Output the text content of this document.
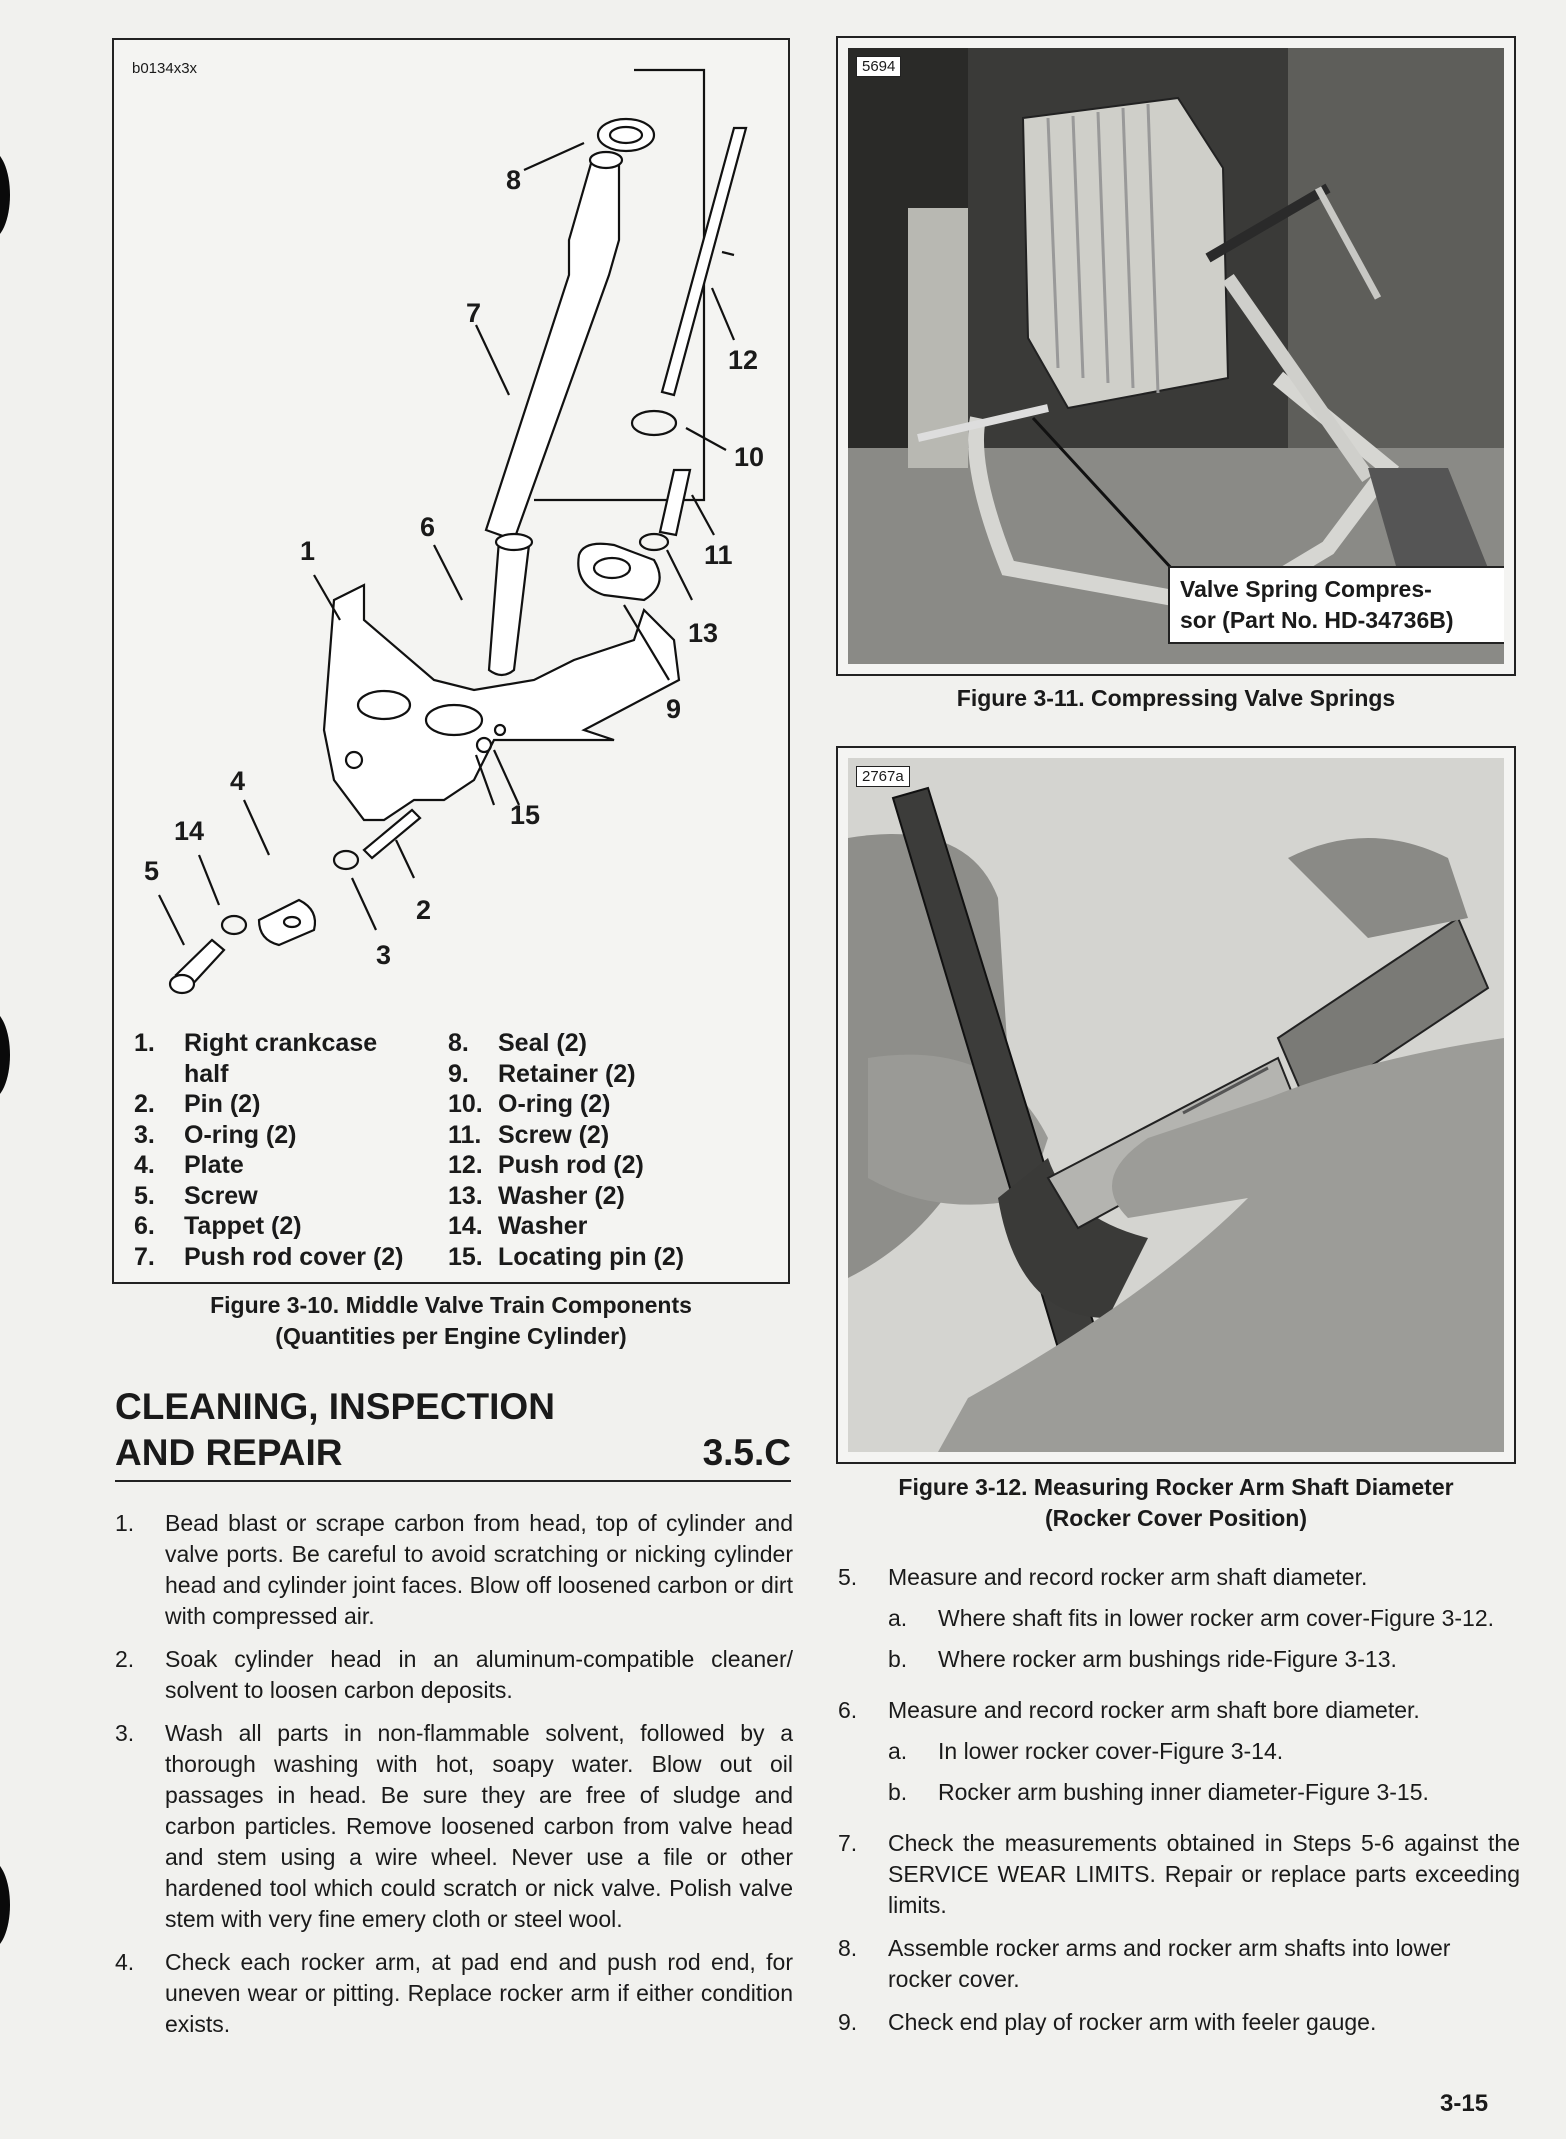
b0134x3x
8
7
12
10
11
13
9
6
1
15
4
14
5
2
3
1.	Right crankcase half
2.	Pin (2)
3.	O-ring (2)
4.	Plate
5.	Screw
6.	Tappet (2)
7.	Push rod cover (2)
8.	Seal (2)
9.	Retainer (2)
10. O-ring (2)
11. Screw (2)
12. Push rod (2)
13. Washer (2)
14. Washer
15. Locating pin (2)
Figure 3-10. Middle Valve Train Components
(Quantities per Engine Cylinder)
CLEANING, INSPECTION
AND REPAIR	3.5.C
1.	Bead blast or scrape carbon from head, top of cylinder and valve ports. Be careful to avoid scratching or nicking cylinder head and cylinder joint faces. Blow off loosened carbon or dirt with compressed air.
2.	Soak cylinder head in an aluminum-compatible cleaner/ solvent to loosen carbon deposits.
3.	Wash all parts in non-flammable solvent, followed by a thorough washing with hot, soapy water. Blow out oil passages in head. Be sure they are free of sludge and carbon particles. Remove loosened carbon from valve head and stem using a wire wheel. Never use a file or other hardened tool which could scratch or nick valve. Polish valve stem with very fine emery cloth or steel wool.
4.	Check each rocker arm, at pad end and push rod end, for uneven wear or pitting. Replace rocker arm if either condition exists.
5694
Valve Spring Compres-
sor (Part No. HD-34736B)
Figure 3-11. Compressing Valve Springs
2767a
Figure 3-12. Measuring Rocker Arm Shaft Diameter
(Rocker Cover Position)
5.	Measure and record rocker arm shaft diameter.
a.	Where shaft fits in lower rocker arm cover-Figure 3-12.
b.	Where rocker arm bushings ride-Figure 3-13.
6.	Measure and record rocker arm shaft bore diameter.
a.	In lower rocker cover-Figure 3-14.
b.	Rocker arm bushing inner diameter-Figure 3-15.
7.	Check the measurements obtained in Steps 5-6 against the SERVICE WEAR LIMITS. Repair or replace parts exceeding limits.
8.	Assemble rocker arms and rocker arm shafts into lower rocker cover.
9.	Check end play of rocker arm with feeler gauge.
3-15
